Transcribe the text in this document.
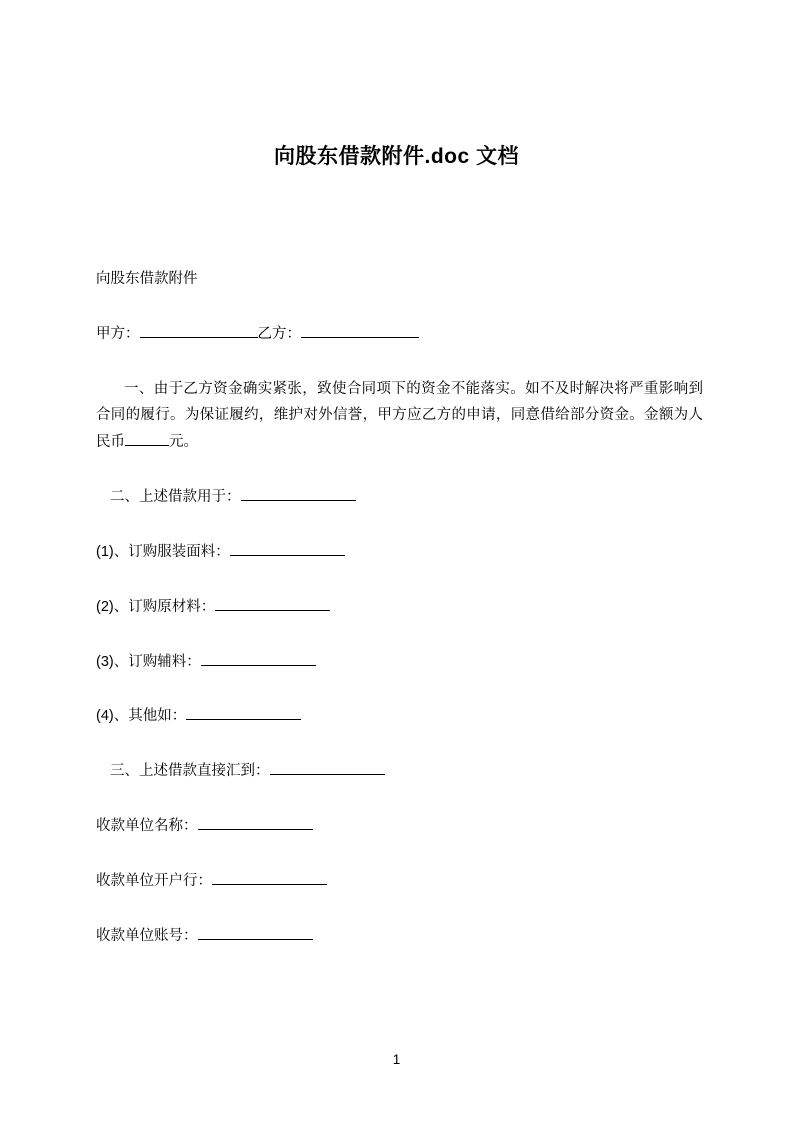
向股东借款附件.doc 文档

向股东借款附件

甲方：	乙方：

一、由于乙方资金确实紧张，致使合同项下的资金不能落实。如不及时解决将严重影响到合同的履行。为保证履约，维护对外信誉，甲方应乙方的申请，同意借给部分资金。金额为人民币	元。

二、上述借款用于：

(1)、订购服装面料：

(2)、订购原材料：

(3)、订购辅料：

(4)、其他如：

三、上述借款直接汇到：

收款单位名称：

收款单位开户行：

收款单位账号：

1
